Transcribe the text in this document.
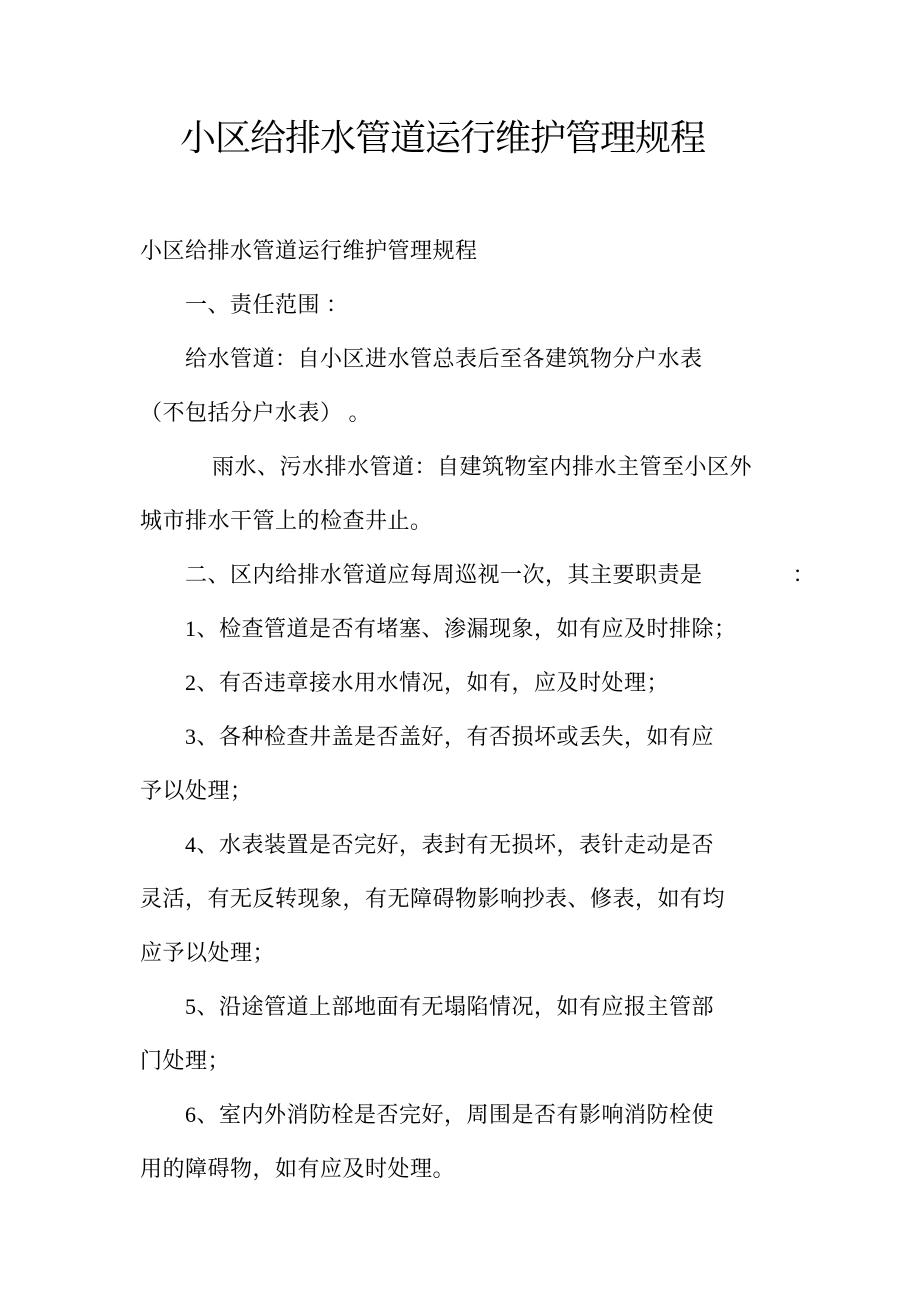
小区给排水管道运行维护管理规程
小区给排水管道运行维护管理规程
一、责任范围 ：
给水管道：自小区进水管总表后至各建筑物分户水表
（不包括分户水表） 。
雨水、污水排水管道：自建筑物室内排水主管至小区外
城市排水干管上的检查井止。
二、区内给排水管道应每周巡视一次，其主要职责是　　　　：
1、检查管道是否有堵塞、渗漏现象，如有应及时排除；
2、有否违章接水用水情况，如有，应及时处理；
3、各种检查井盖是否盖好，有否损坏或丢失，如有应
予以处理；
4、水表装置是否完好，表封有无损坏，表针走动是否
灵活，有无反转现象，有无障碍物影响抄表、修表，如有均
应予以处理；
5、沿途管道上部地面有无塌陷情况，如有应报主管部
门处理；
6、室内外消防栓是否完好，周围是否有影响消防栓使
用的障碍物，如有应及时处理。
